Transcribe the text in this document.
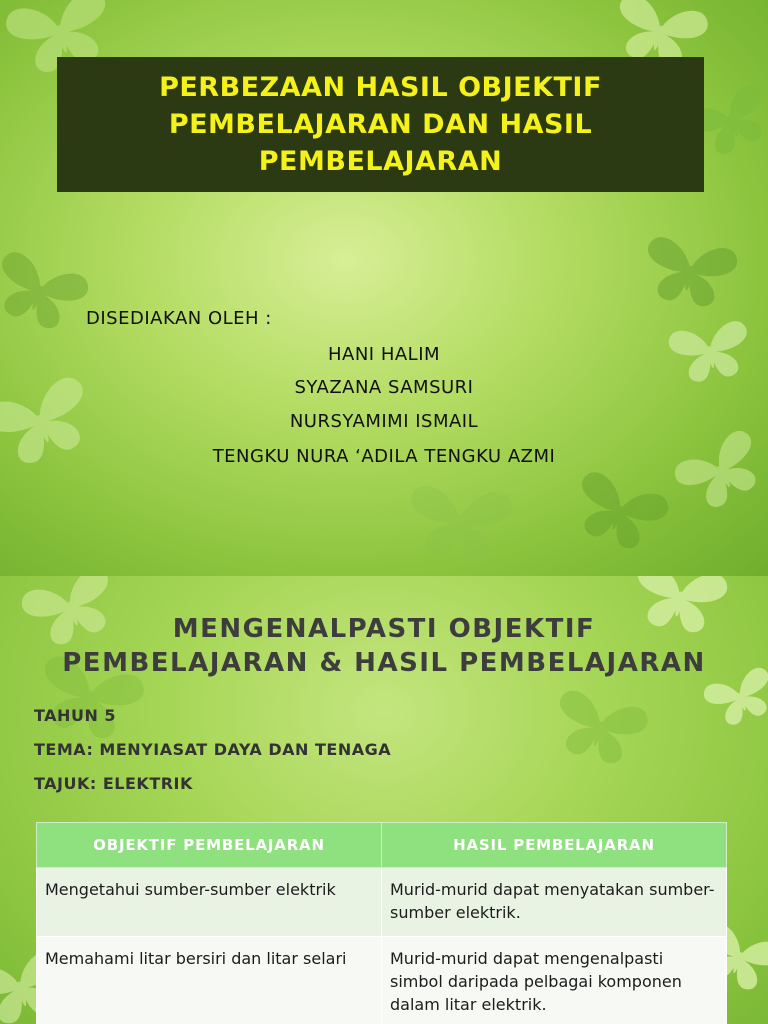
PERBEZAAN HASIL OBJEKTIF PEMBELAJARAN DAN HASIL PEMBELAJARAN
DISEDIAKAN OLEH :
HANI HALIM
SYAZANA SAMSURI
NURSYAMIMI ISMAIL
TENGKU NURA ‘ADILA TENGKU AZMI
MENGENALPASTI OBJEKTIF
PEMBELAJARAN & HASIL PEMBELAJARAN
TAHUN 5
TEMA: MENYIASAT DAYA DAN TENAGA
TAJUK: ELEKTRIK
OBJEKTIF PEMBELAJARAN	HASIL PEMBELAJARAN
Mengetahui sumber-sumber elektrik	Murid-murid dapat menyatakan sumber-sumber elektrik.
Memahami litar bersiri dan litar selari	Murid-murid dapat mengenalpasti simbol daripada pelbagai komponen dalam litar elektrik.
